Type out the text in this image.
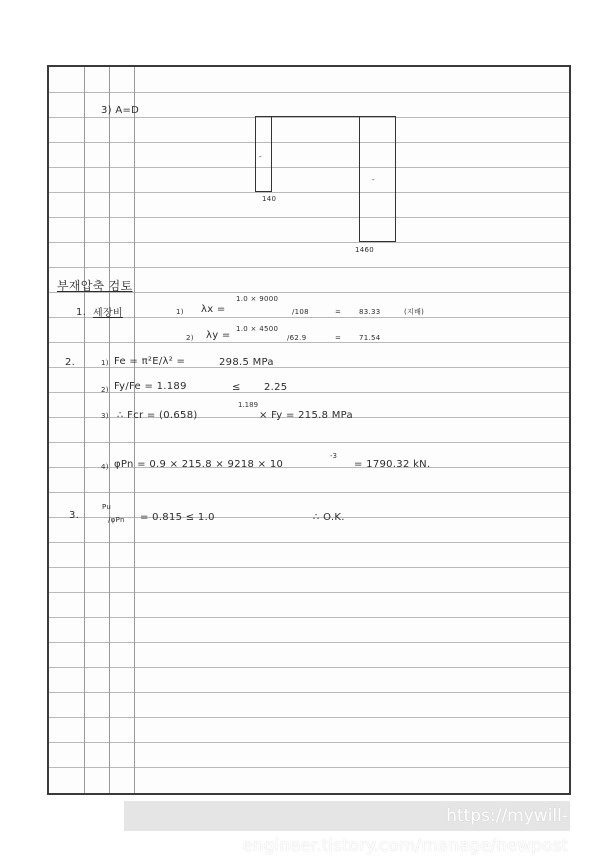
3) A=D
-
-
140
1460
부재압축 검토
1. 세장비	1) λx =
1.0 × 9000
/108	=	83.33	(지배)
2) λy =
1.0 × 4500
/62.9	=	71.54
2.	1) Fe = π²E/λ² =	298.5 MPa
2) Fy/Fe = 1.189	≤ 2.25
3) ∴ Fcr = (0.658)
1.189
× Fy = 215.8 MPa
4) φPn = 0.9 × 215.8 × 9218 × 10
-3
= 1790.32 kN.
3.
Pu
/φPn = 0.815 ≤ 1.0	∴ O.K.
https://mywill-engineer.tistory.com/manage/newpost
